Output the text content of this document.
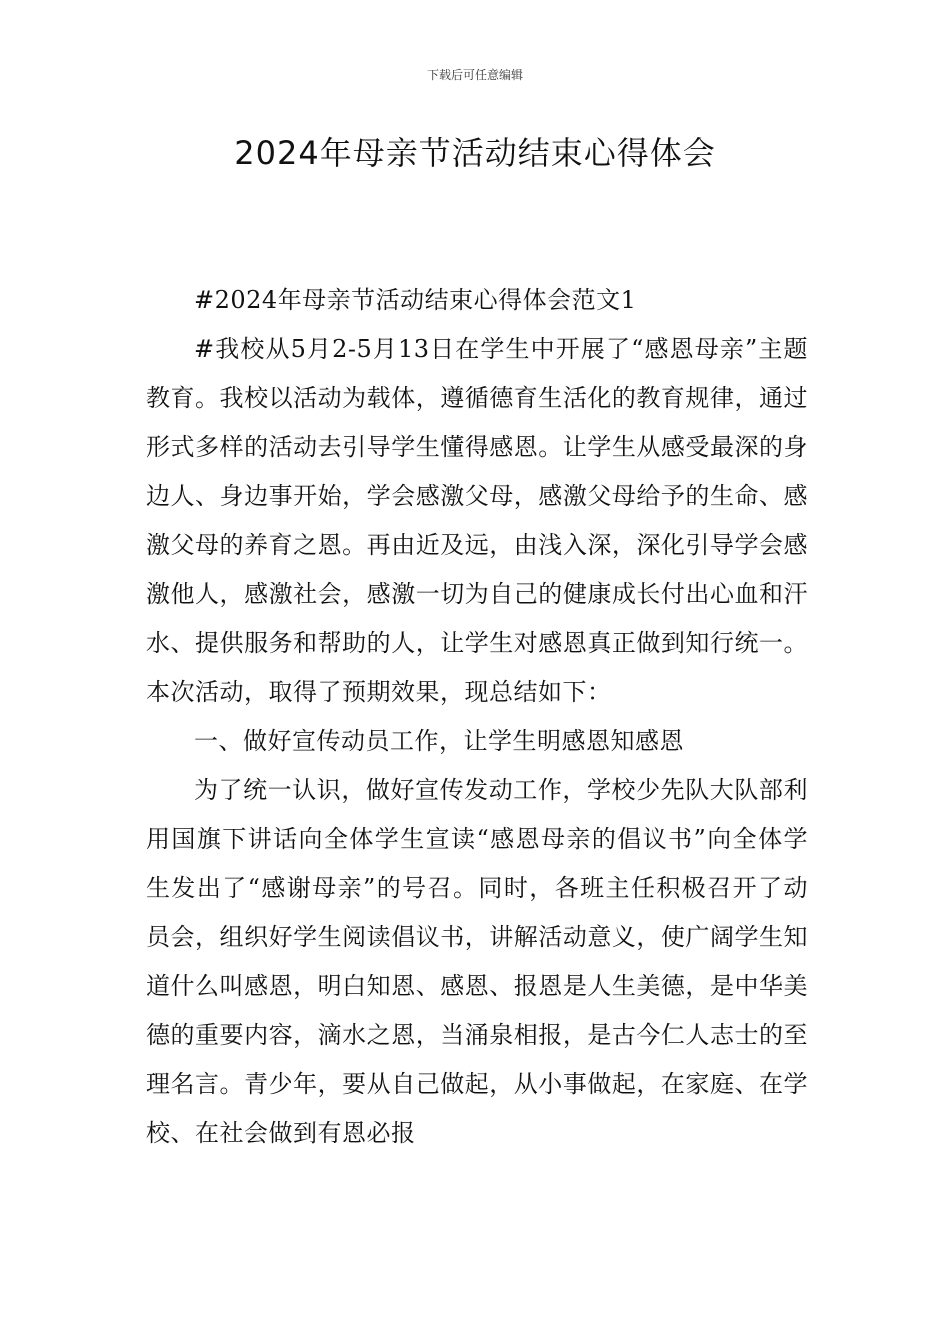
下载后可任意编辑
2024年母亲节活动结束心得体会

#2024年母亲节活动结束心得体会范文1

#我校从5月2-5月13日在学生中开展了“感恩母亲”主题教育。我校以活动为载体，遵循德育生活化的教育规律，通过形式多样的活动去引导学生懂得感恩。让学生从感受最深的身边人、身边事开始，学会感激父母，感激父母给予的生命、感激父母的养育之恩。再由近及远，由浅入深，深化引导学会感激他人，感激社会，感激一切为自己的健康成长付出心血和汗水、提供服务和帮助的人，让学生对感恩真正做到知行统一。本次活动，取得了预期效果，现总结如下：

一、做好宣传动员工作，让学生明感恩知感恩

为了统一认识，做好宣传发动工作，学校少先队大队部利用国旗下讲话向全体学生宣读“感恩母亲的倡议书”向全体学生发出了“感谢母亲”的号召。同时，各班主任积极召开了动员会，组织好学生阅读倡议书，讲解活动意义，使广阔学生知道什么叫感恩，明白知恩、感恩、报恩是人生美德，是中华美德的重要内容，滴水之恩，当涌泉相报，是古今仁人志士的至理名言。青少年，要从自己做起，从小事做起，在家庭、在学校、在社会做到有恩必报
